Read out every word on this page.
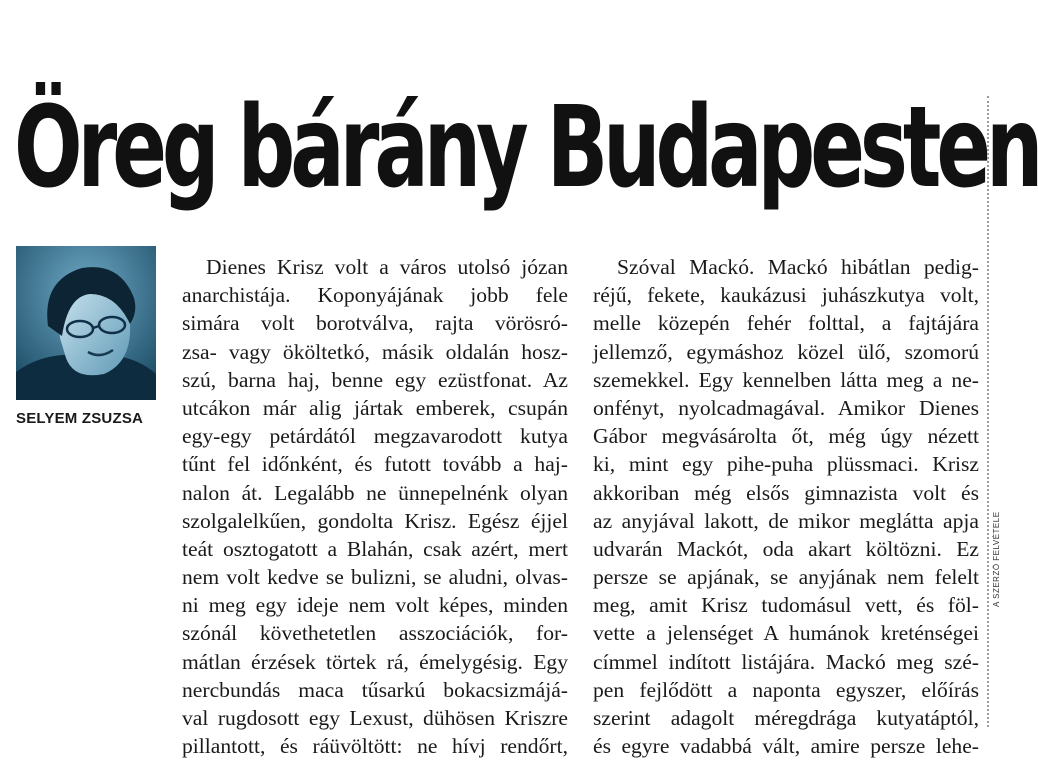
Öreg bárány Budapesten
A SZERZŐ FELVÉTELE
SELYEM ZSUZSA
Dienes Krisz volt a város utolsó józan
anarchistája. Koponyájának jobb fele
simára volt borotválva, rajta vörösró-
zsa- vagy ököltetkó, másik oldalán hosz-
szú, barna haj, benne egy ezüstfonat. Az
utcákon már alig jártak emberek, csupán
egy-egy petárdától megzavarodott kutya
tűnt fel időnként, és futott tovább a haj-
nalon át. Legalább ne ünnepelnénk olyan
szolgalelkűen, gondolta Krisz. Egész éjjel
teát osztogatott a Blahán, csak azért, mert
nem volt kedve se bulizni, se aludni, olvas-
ni meg egy ideje nem volt képes, minden
szónál követhetetlen asszociációk, for-
mátlan érzések törtek rá, émelygésig. Egy
nercbundás maca tűsarkú bokacsizmájá-
val rugdosott egy Lexust, dühösen Kriszre
pillantott, és ráüvöltött: ne hívj rendőrt,
Szóval Mackó. Mackó hibátlan pedig-
réjű, fekete, kaukázusi juhászkutya volt,
melle közepén fehér folttal, a fajtájára
jellemző, egymáshoz közel ülő, szomorú
szemekkel. Egy kennelben látta meg a ne-
onfényt, nyolcadmagával. Amikor Dienes
Gábor megvásárolta őt, még úgy nézett
ki, mint egy pihe-puha plüssmaci. Krisz
akkoriban még elsős gimnazista volt és
az anyjával lakott, de mikor meglátta apja
udvarán Mackót, oda akart költözni. Ez
persze se apjának, se anyjának nem felelt
meg, amit Krisz tudomásul vett, és föl-
vette a jelenséget A humánok kreténségei
címmel indított listájára. Mackó meg szé-
pen fejlődött a naponta egyszer, előírás
szerint adagolt méregdrága kutyatáptól,
és egyre vadabbá vált, amire persze lehe-
